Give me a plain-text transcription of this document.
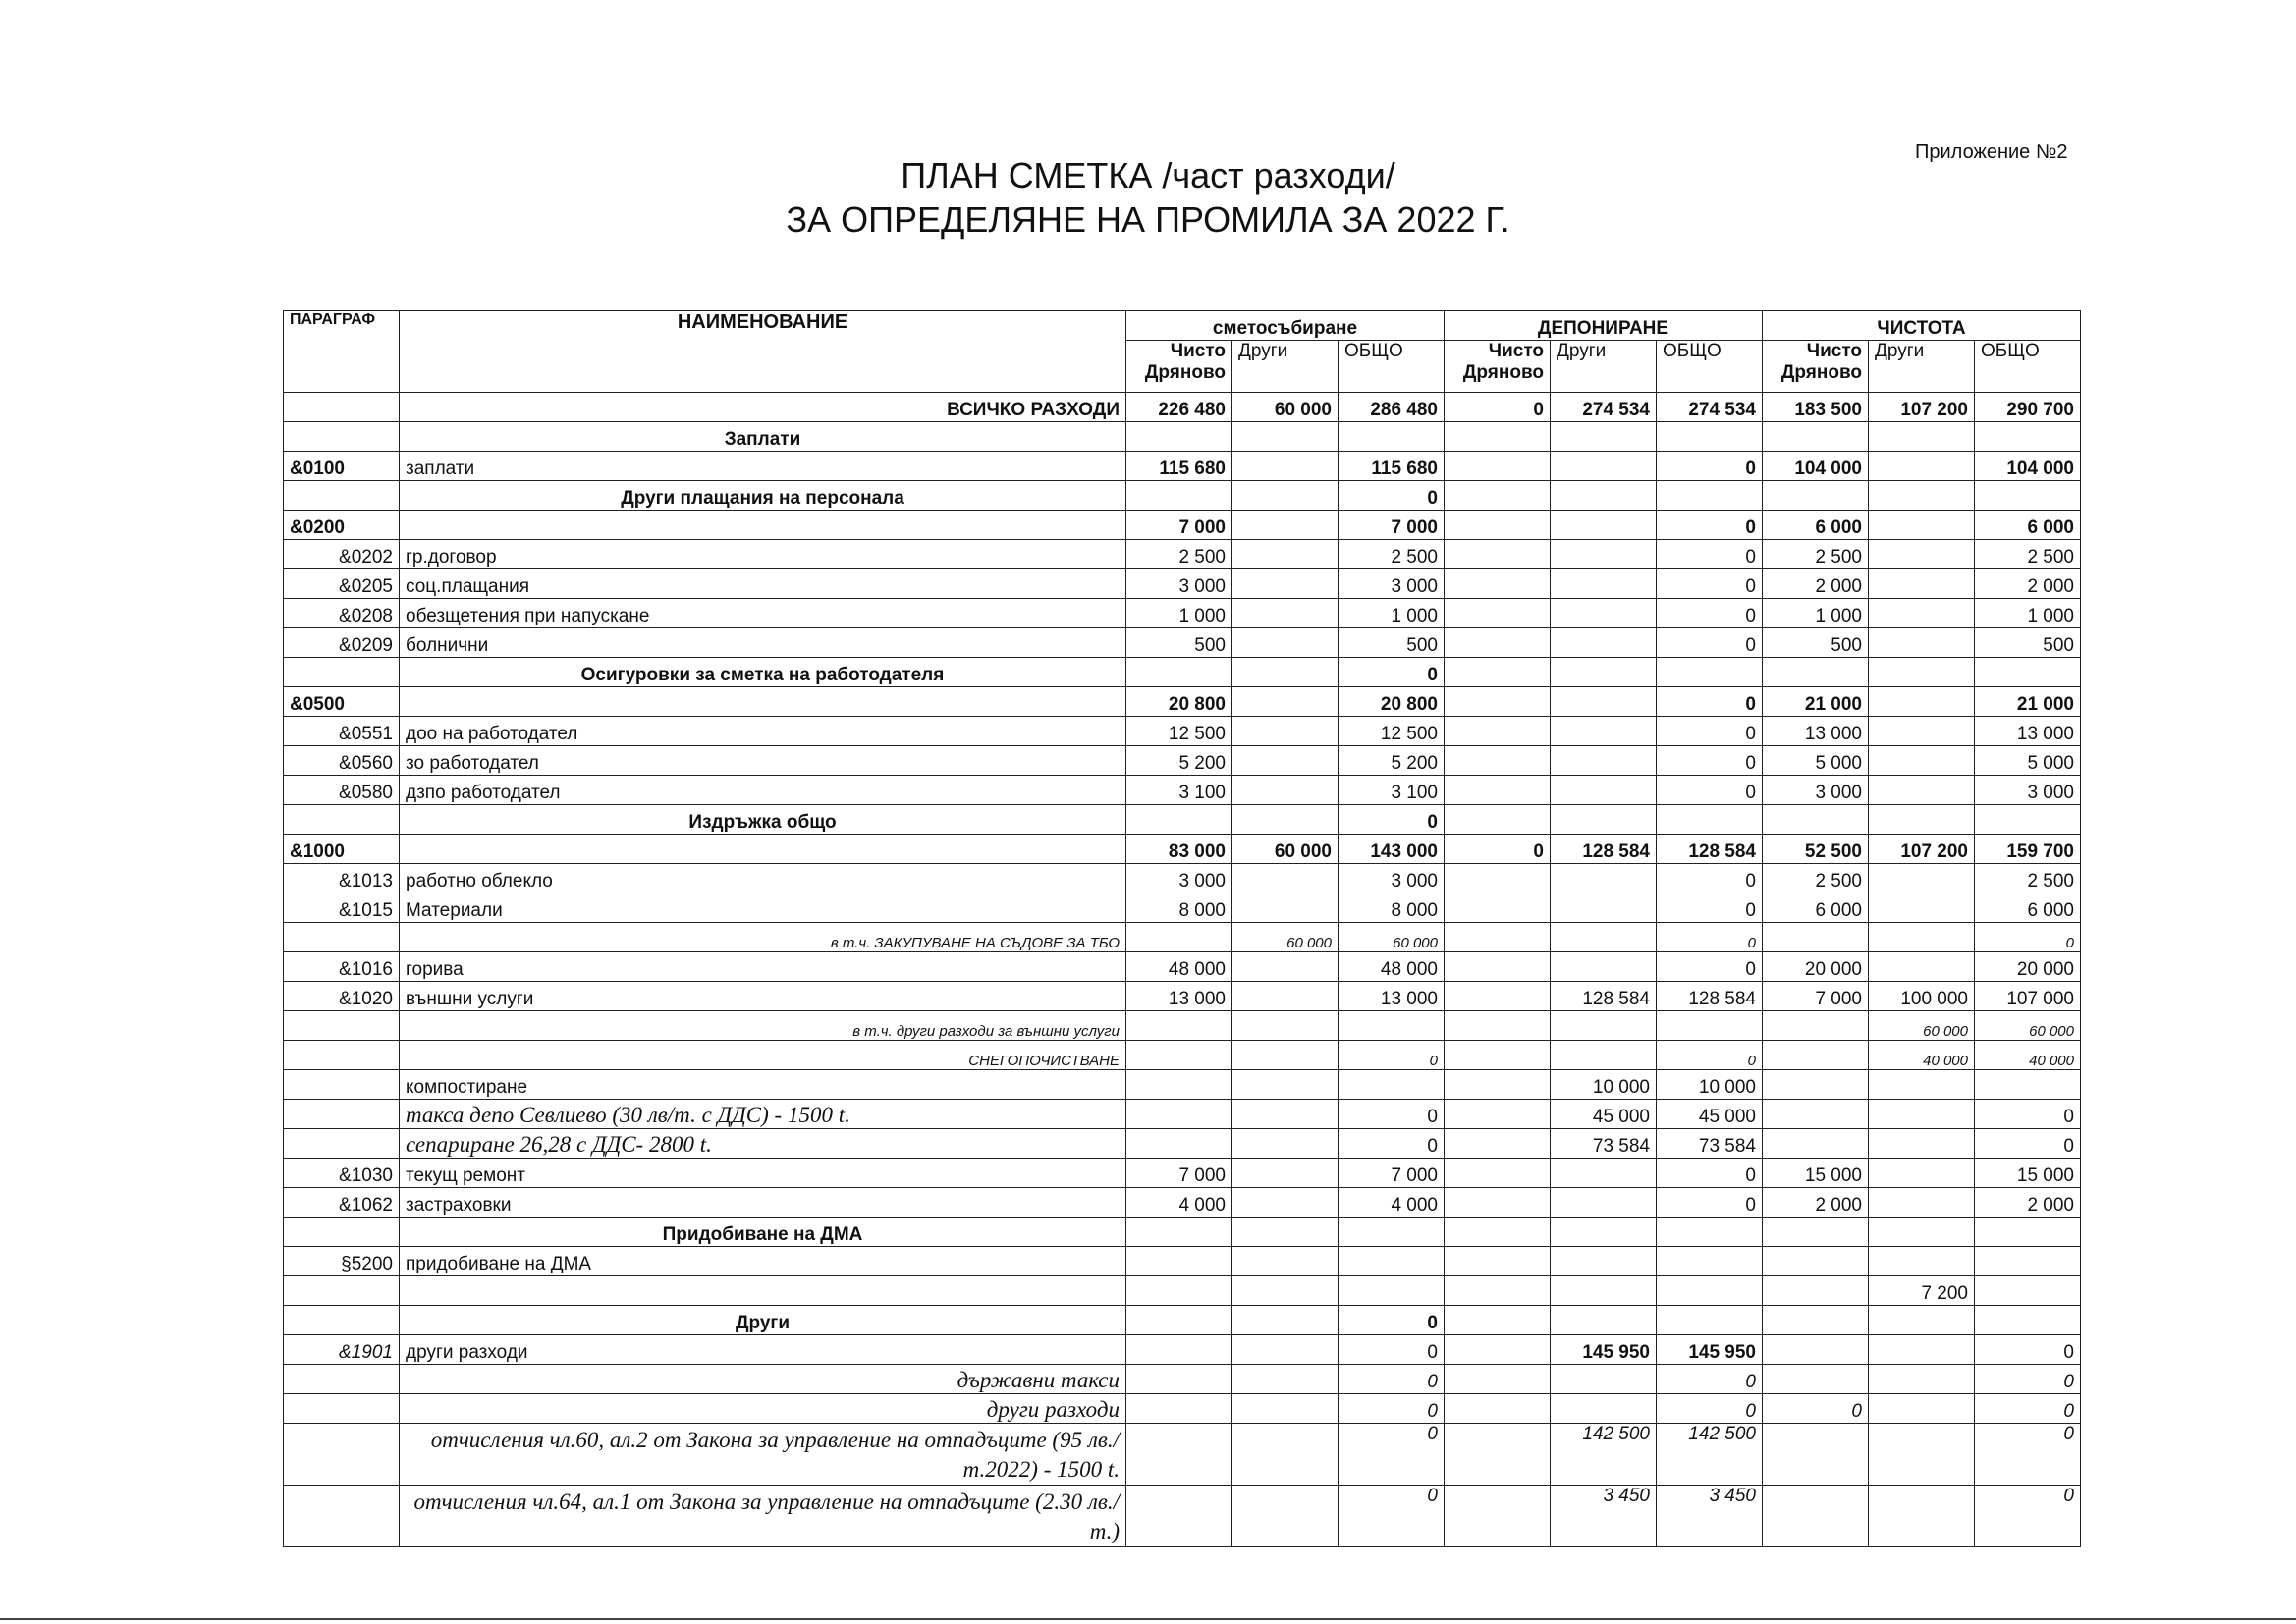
Приложение №2
ПЛАН СМЕТКА /част разходи/
ЗА ОПРЕДЕЛЯНЕ НА ПРОМИЛА ЗА 2022 Г.
ПАРАГРАФ	НАИМЕНОВАНИЕ	сметосъбиране			ДЕПОНИРАНЕ			ЧИСТОТА		
		Чисто Дряново	Други	ОБЩО	Чисто Дряново	Други	ОБЩО	Чисто Дряново	Други	ОБЩО
	ВСИЧКО РАЗХОДИ	226 480	60 000	286 480	0	274 534	274 534	183 500	107 200	290 700
	Заплати									
&0100	заплати	115 680		115 680			0	104 000		104 000
	Други плащания на персонала			0						
&0200		7 000		7 000			0	6 000		6 000
&0202	гр.договор	2 500		2 500			0	2 500		2 500
&0205	соц.плащания	3 000		3 000			0	2 000		2 000
&0208	обезщетения при напускане	1 000		1 000			0	1 000		1 000
&0209	болнични	500		500			0	500		500
	Осигуровки за сметка на работодателя			0						
&0500		20 800		20 800			0	21 000		21 000
&0551	доо на работодател	12 500		12 500			0	13 000		13 000
&0560	зо работодател	5 200		5 200			0	5 000		5 000
&0580	дзпо работодател	3 100		3 100			0	3 000		3 000
	Издръжка общо			0						
&1000		83 000	60 000	143 000	0	128 584	128 584	52 500	107 200	159 700
&1013	работно облекло	3 000		3 000			0	2 500		2 500
&1015	Материали	8 000		8 000			0	6 000		6 000
	в т.ч. ЗАКУПУВАНЕ НА СЪДОВЕ ЗА ТБО		60 000	60 000			0			0
&1016	горива	48 000		48 000			0	20 000		20 000
&1020	външни услуги	13 000		13 000		128 584	128 584	7 000	100 000	107 000
	в т.ч. други разходи за външни услуги								60 000	60 000
	СНЕГОПОЧИСТВАНЕ			0			0		40 000	40 000
	компостиране					10 000	10 000			
	такса депо Севлиево (30 лв/т. с ДДС) - 1500 t.			0		45 000	45 000			0
	сепариране 26,28 с ДДС- 2800 t.			0		73 584	73 584			0
&1030	текущ ремонт	7 000		7 000			0	15 000		15 000
&1062	застраховки	4 000		4 000			0	2 000		2 000
	Придобиване на ДМА									
§5200	придобиване на ДМА									
									7 200	
	Други			0						
&1901	други разходи			0		145 950	145 950			0
	държавни такси			0			0			0
	други разходи			0			0	0		0
	отчисления чл.60, ал.2 от Закона за управление на отпадъците (95 лв./т.2022) - 1500 t.			0		142 500	142 500			0
	отчисления чл.64, ал.1 от Закона за управление на отпадъците (2.30 лв./т.)			0		3 450	3 450			0
